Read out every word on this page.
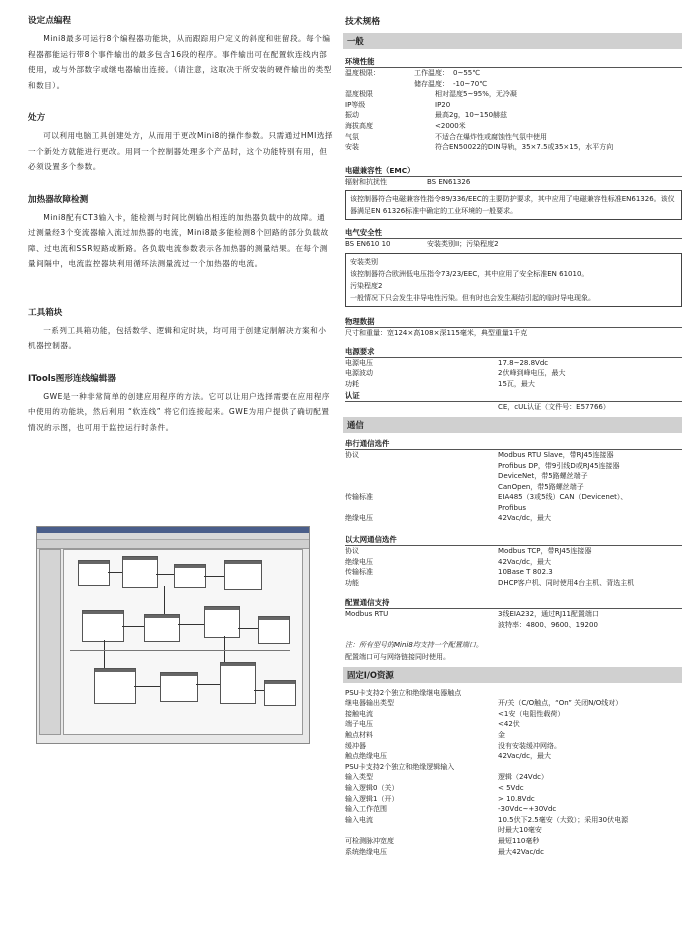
设定点编程

Mini8最多可运行8个编程器功能块，从而跟踪用户定义的斜度和驻留段。每个编程器都能运行带8个事件输出的最多包含16段的程序。事件输出可在配置软连线内部使用，或与外部数字或继电器输出连接。（请注意，这取决于所安装的硬件输出的类型和数目）。

处方

可以利用电脑工具创建处方，从而用于更改Mini8的操作参数。只需通过HMI选择一个新处方就能进行更改。用同一个控制器处理多个产品时，这个功能特别有用，但必须设置多个参数。

加热器故障检测

Mini8配有CT3输入卡，能检测与时间比例输出相连的加热器负载中的故障。通过测量经3个变流器输入流过加热器的电流，Mini8最多能检测8个回路的部分负载故障、过电流和SSR短路或断路。各负载电流参数表示各加热器的测量结果。在每个测量间隔中，电流监控器块利用循环法测量流过一个加热器的电流。

工具箱块

一系列工具箱功能，包括数学、逻辑和定时块，均可用于创建定制解决方案和小机器控制器。

ITools图形连线编辑器

GWE是一种非常简单的创建应用程序的方法。它可以让用户选择需要在应用程序中使用的功能块，然后利用 “软连线” 将它们连接起来。GWE为用户提供了确切配置情况的示图，也可用于监控运行时条件。

技术规格
一般
环境性能
温度极限：	工作温度： 0~55℃
储存温度： -10~70℃
湿度极限	相对湿度5~95%，无冷凝
IP等级	IP20
振动	最高2g，10~150赫兹
海拔高度	<2000米
气氛	不适合在爆炸性或腐蚀性气氛中使用
安装	符合EN50022的DIN导轨，35×7.5或35×15，水平方向
电磁兼容性（EMC）
辐射和抗扰性	BS EN61326
该控制器符合电磁兼容性指令89/336/EEC的主要防护要求，其中应用了电磁兼容性标准EN61326。该仪器满足EN 61326标准中确定的工业环境的一般要求。
电气安全性
BS EN610 10	安装类别II；污染程度2
安装类别
该控制器符合欧洲低电压指令73/23/EEC，其中应用了安全标准EN 61010。
污染程度2
一般情况下只会发生非导电性污染。但有时也会发生凝结引起的临时导电现象。
物理数据
尺寸和重量：宽124×高108×深115毫米，典型重量1千克
电源要求
电源电压	17.8~28.8Vdc
电源波动	2伏峰到峰电压，最大
功耗	15瓦，最大
认证
CE，cUL认证（文件号：E57766）
通信
串行通信选件
协议	Modbus RTU Slave，带RJ45连接器
Profibus DP，带9引线D或RJ45连接器
DeviceNet，带5路螺丝端子
CanOpen，带5路螺丝端子
传输标准	EIA485（3或5线）CAN（Devicenet）、
Profibus
绝缘电压	42Vac/dc，最大
以太网通信选件
协议	Modbus TCP，带RJ45连接器
绝缘电压	42Vac/dc，最大
传输标准	10Base T 802.3
功能	DHCP客户机、同时使用4台主机、背选主机
配置通信支持
Modbus RTU	3线EIA232，通过RJ11配置端口
波特率：4800、9600、19200
注：所有型号的Mini8均支持一个配置端口。
配置端口可与网络链接同时使用。
固定I/O资源
PSU卡支持2个独立和绝缘继电器触点
继电器输出类型	开/关（C/O触点，“On” 关闭N/O线对）
接触电流	<1安（电阻性载荷）
端子电压	<42伏
触点材料	金
缓冲器	没有安装缓冲网络。
触点绝缘电压	42Vac/dc，最大
PSU卡支持2个独立和绝缘逻辑输入
输入类型	逻辑（24Vdc）
输入逻辑0（关）	< 5Vdc
输入逻辑1（开）	> 10.8Vdc
输入工作范围	-30Vdc~+30Vdc
输入电流	10.5伏下2.5毫安（大致）；采用30伏电源
时最大10毫安
可检测脉冲宽度	最短110毫秒
系统绝缘电压	最大42Vac/dc
